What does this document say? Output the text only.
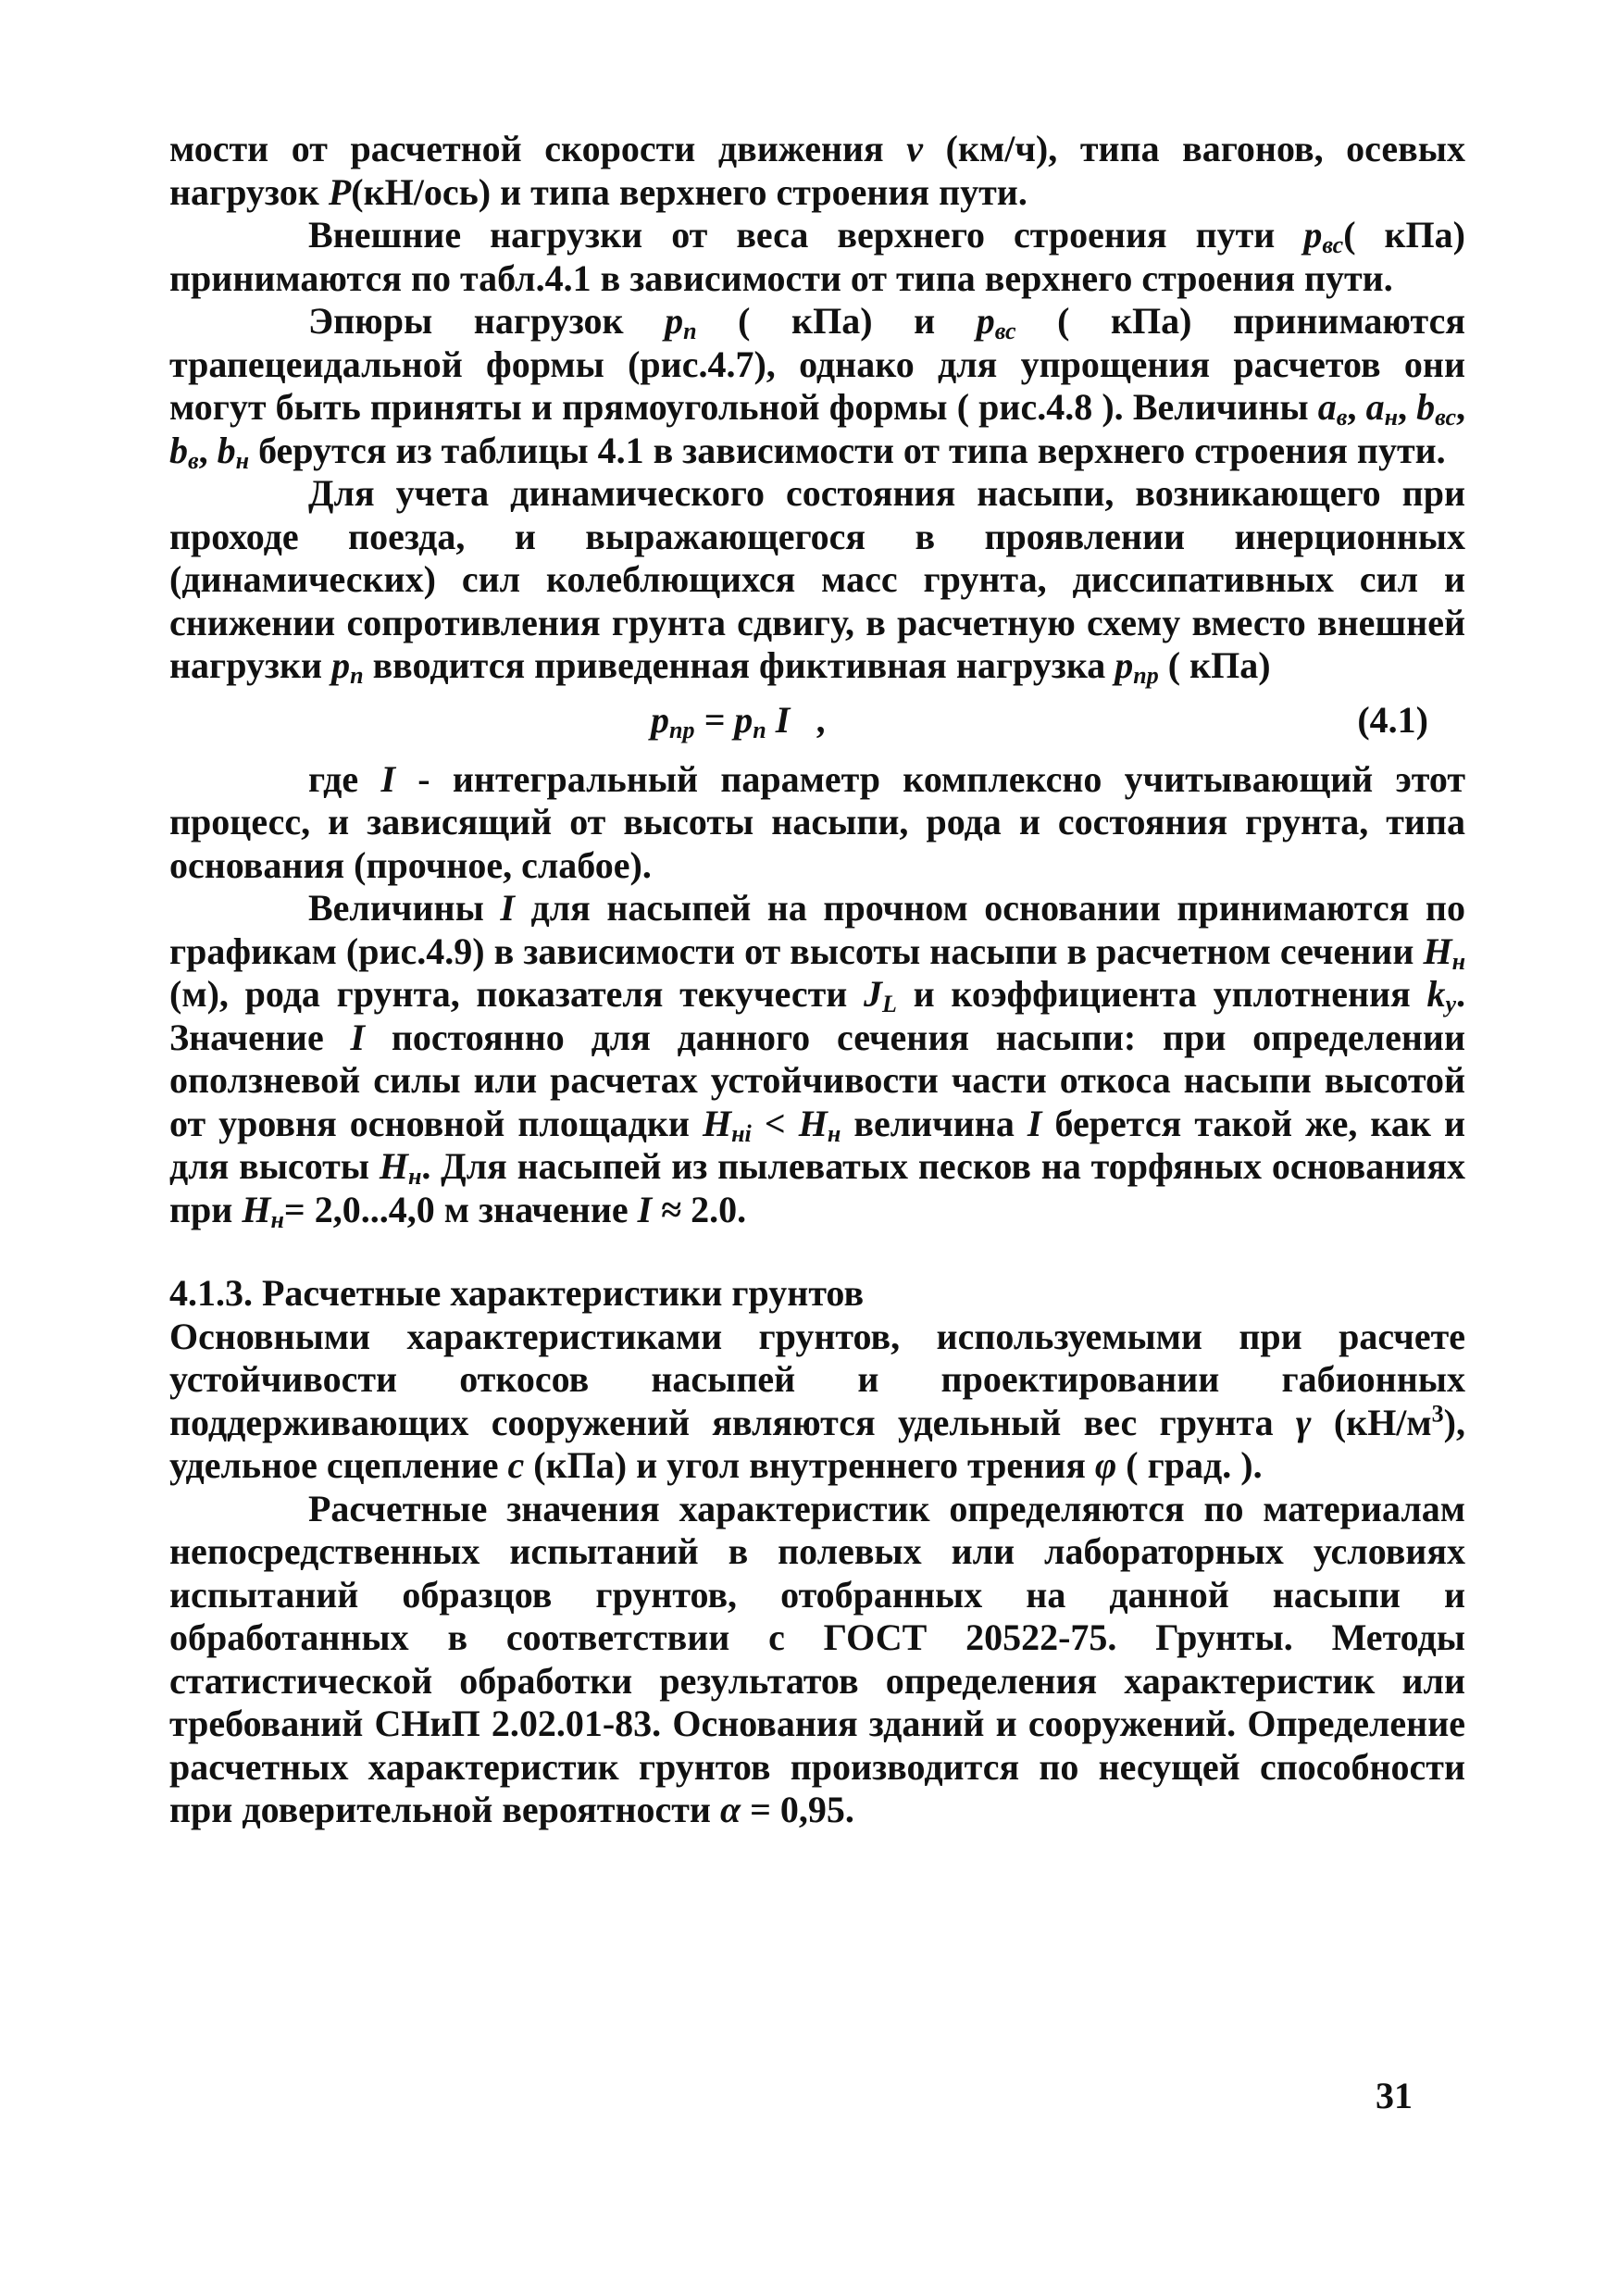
мости от расчетной скорости движения v (км/ч), типа вагонов, осевых нагрузок P(кН/ось) и типа верхнего строения пути.

Внешние нагрузки от веса верхнего строения пути $p_{вс}$( кПа) принимаются по табл.4.1 в зависимости от типа верхнего строения пути.

Эпюры нагрузок $p_п$ ( кПа) и $p_{вс}$ ( кПа) принимаются трапецеидальной формы (рис.4.7), однако для упрощения расчетов они могут быть приняты и прямоугольной формы ( рис.4.8 ). Величины $a_в$, $a_н$, $b_{вс}$, $b_в$, $b_н$ берутся из таблицы 4.1 в зависимости от типа верхнего строения пути.

Для учета динамического состояния насыпи, возникающего при проходе поезда, и выражающегося в проявлении инерционных (динамических) сил колеблющихся масс грунта, диссипативных сил и снижении сопротивления грунта сдвигу, в расчетную схему вместо внешней нагрузки $p_п$ вводится приведенная фиктивная нагрузка $p_{пр}$ ( кПа)

$p_{пр} = p_п$ I   ,	(4.1)

где I - интегральный параметр комплексно учитывающий этот процесс, и зависящий от высоты насыпи, рода и состояния грунта, типа основания (прочное, слабое).

Величины I для насыпей на прочном основании принимаются по графикам (рис.4.9) в зависимости от высоты насыпи в расчетном сечении $H_н$ (м), рода грунта, показателя текучести $J_L$ и коэффициента уплотнения $k_y$. Значение I постоянно для данного сечения насыпи: при определении оползневой силы или расчетах устойчивости части откоса насыпи высотой от уровня основной площадки $H_{нi} < H_н$ величина I берется такой же, как и для высоты $H_н$. Для насыпей из пылеватых песков на торфяных основаниях при $H_н= 2,0...4,0$ м значение I ≈ 2.0.

4.1.3. Расчетные характеристики грунтов

Основными характеристиками грунтов, используемыми при расчете устойчивости откосов насыпей и проектировании габионных поддерживающих сооружений являются удельный вес грунта γ $(кН/м^3)$, удельное сцепление c (кПа) и угол внутреннего трения φ ( град. ).

Расчетные значения характеристик определяются по материалам непосредственных испытаний в полевых или лабораторных условиях испытаний образцов грунтов, отобранных на данной насыпи и обработанных в соответствии с ГОСТ 20522-75. Грунты. Методы статистической обработки результатов определения характеристик или требований СНиП 2.02.01-83. Основания зданий и сооружений. Определение расчетных характеристик грунтов производится по несущей способности при доверительной вероятности α = 0,95.

31
